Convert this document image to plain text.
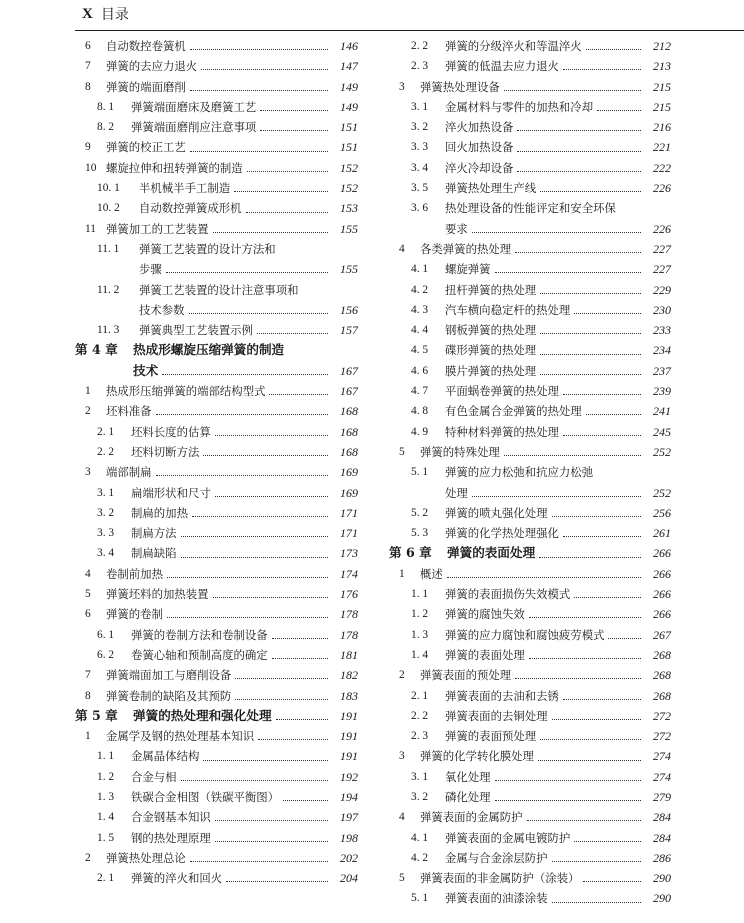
X 目录
6 自动数控卷簧机	146
7 弹簧的去应力退火	147
8 弹簧的端面磨削	149
8. 1 弹簧端面磨床及磨簧工艺	149
8. 2 弹簧端面磨削应注意事项	151
9 弹簧的校正工艺	151
10 螺旋拉伸和扭转弹簧的制造	152
10. 1 半机械半手工制造	152
10. 2 自动数控弹簧成形机	153
11 弹簧加工的工艺装置	155
11. 1 弹簧工艺装置的设计方法和
步骤	155
11. 2 弹簧工艺装置的设计注意事项和
技术参数	156
11. 3 弹簧典型工艺装置示例	157
第 4 章 热成形螺旋压缩弹簧的制造
技术	167
1 热成形压缩弹簧的端部结构型式	167
2 坯料准备	168
2. 1 坯料长度的估算	168
2. 2 坯料切断方法	168
3 端部制扁	169
3. 1 扁端形状和尺寸	169
3. 2 制扁的加热	171
3. 3 制扁方法	171
3. 4 制扁缺陷	173
4 卷制前加热	174
5 弹簧坯料的加热装置	176
6 弹簧的卷制	178
6. 1 弹簧的卷制方法和卷制设备	178
6. 2 卷簧心轴和预制高度的确定	181
7 弹簧端面加工与磨削设备	182
8 弹簧卷制的缺陷及其预防	183
第 5 章 弹簧的热处理和强化处理	191
1 金属学及钢的热处理基本知识	191
1. 1 金属晶体结构	191
1. 2 合金与相	192
1. 3 铁碳合金相图（铁碳平衡图）	194
1. 4 合金钢基本知识	197
1. 5 钢的热处理原理	198
2 弹簧热处理总论	202
2. 1 弹簧的淬火和回火	204
2. 2 弹簧的分级淬火和等温淬火	212
2. 3 弹簧的低温去应力退火	213
3 弹簧热处理设备	215
3. 1 金属材料与零件的加热和冷却	215
3. 2 淬火加热设备	216
3. 3 回火加热设备	221
3. 4 淬火冷却设备	222
3. 5 弹簧热处理生产线	226
3. 6 热处理设备的性能评定和安全环保
要求	226
4 各类弹簧的热处理	227
4. 1 螺旋弹簧	227
4. 2 扭杆弹簧的热处理	229
4. 3 汽车横向稳定杆的热处理	230
4. 4 钢板弹簧的热处理	233
4. 5 碟形弹簧的热处理	234
4. 6 膜片弹簧的热处理	237
4. 7 平面蜗卷弹簧的热处理	239
4. 8 有色金属合金弹簧的热处理	241
4. 9 特种材料弹簧的热处理	245
5 弹簧的特殊处理	252
5. 1 弹簧的应力松弛和抗应力松弛
处理	252
5. 2 弹簧的喷丸强化处理	256
5. 3 弹簧的化学热处理强化	261
第 6 章 弹簧的表面处理	266
1 概述	266
1. 1 弹簧的表面损伤失效模式	266
1. 2 弹簧的腐蚀失效	266
1. 3 弹簧的应力腐蚀和腐蚀疲劳模式	267
1. 4 弹簧的表面处理	268
2 弹簧表面的预处理	268
2. 1 弹簧表面的去油和去锈	268
2. 2 弹簧表面的去铜处理	272
2. 3 弹簧的表面预处理	272
3 弹簧的化学转化膜处理	274
3. 1 氧化处理	274
3. 2 磷化处理	279
4 弹簧表面的金属防护	284
4. 1 弹簧表面的金属电镀防护	284
4. 2 金属与合金涂层防护	286
5 弹簧表面的非金属防护（涂装）	290
5. 1 弹簧表面的油漆涂装	290
